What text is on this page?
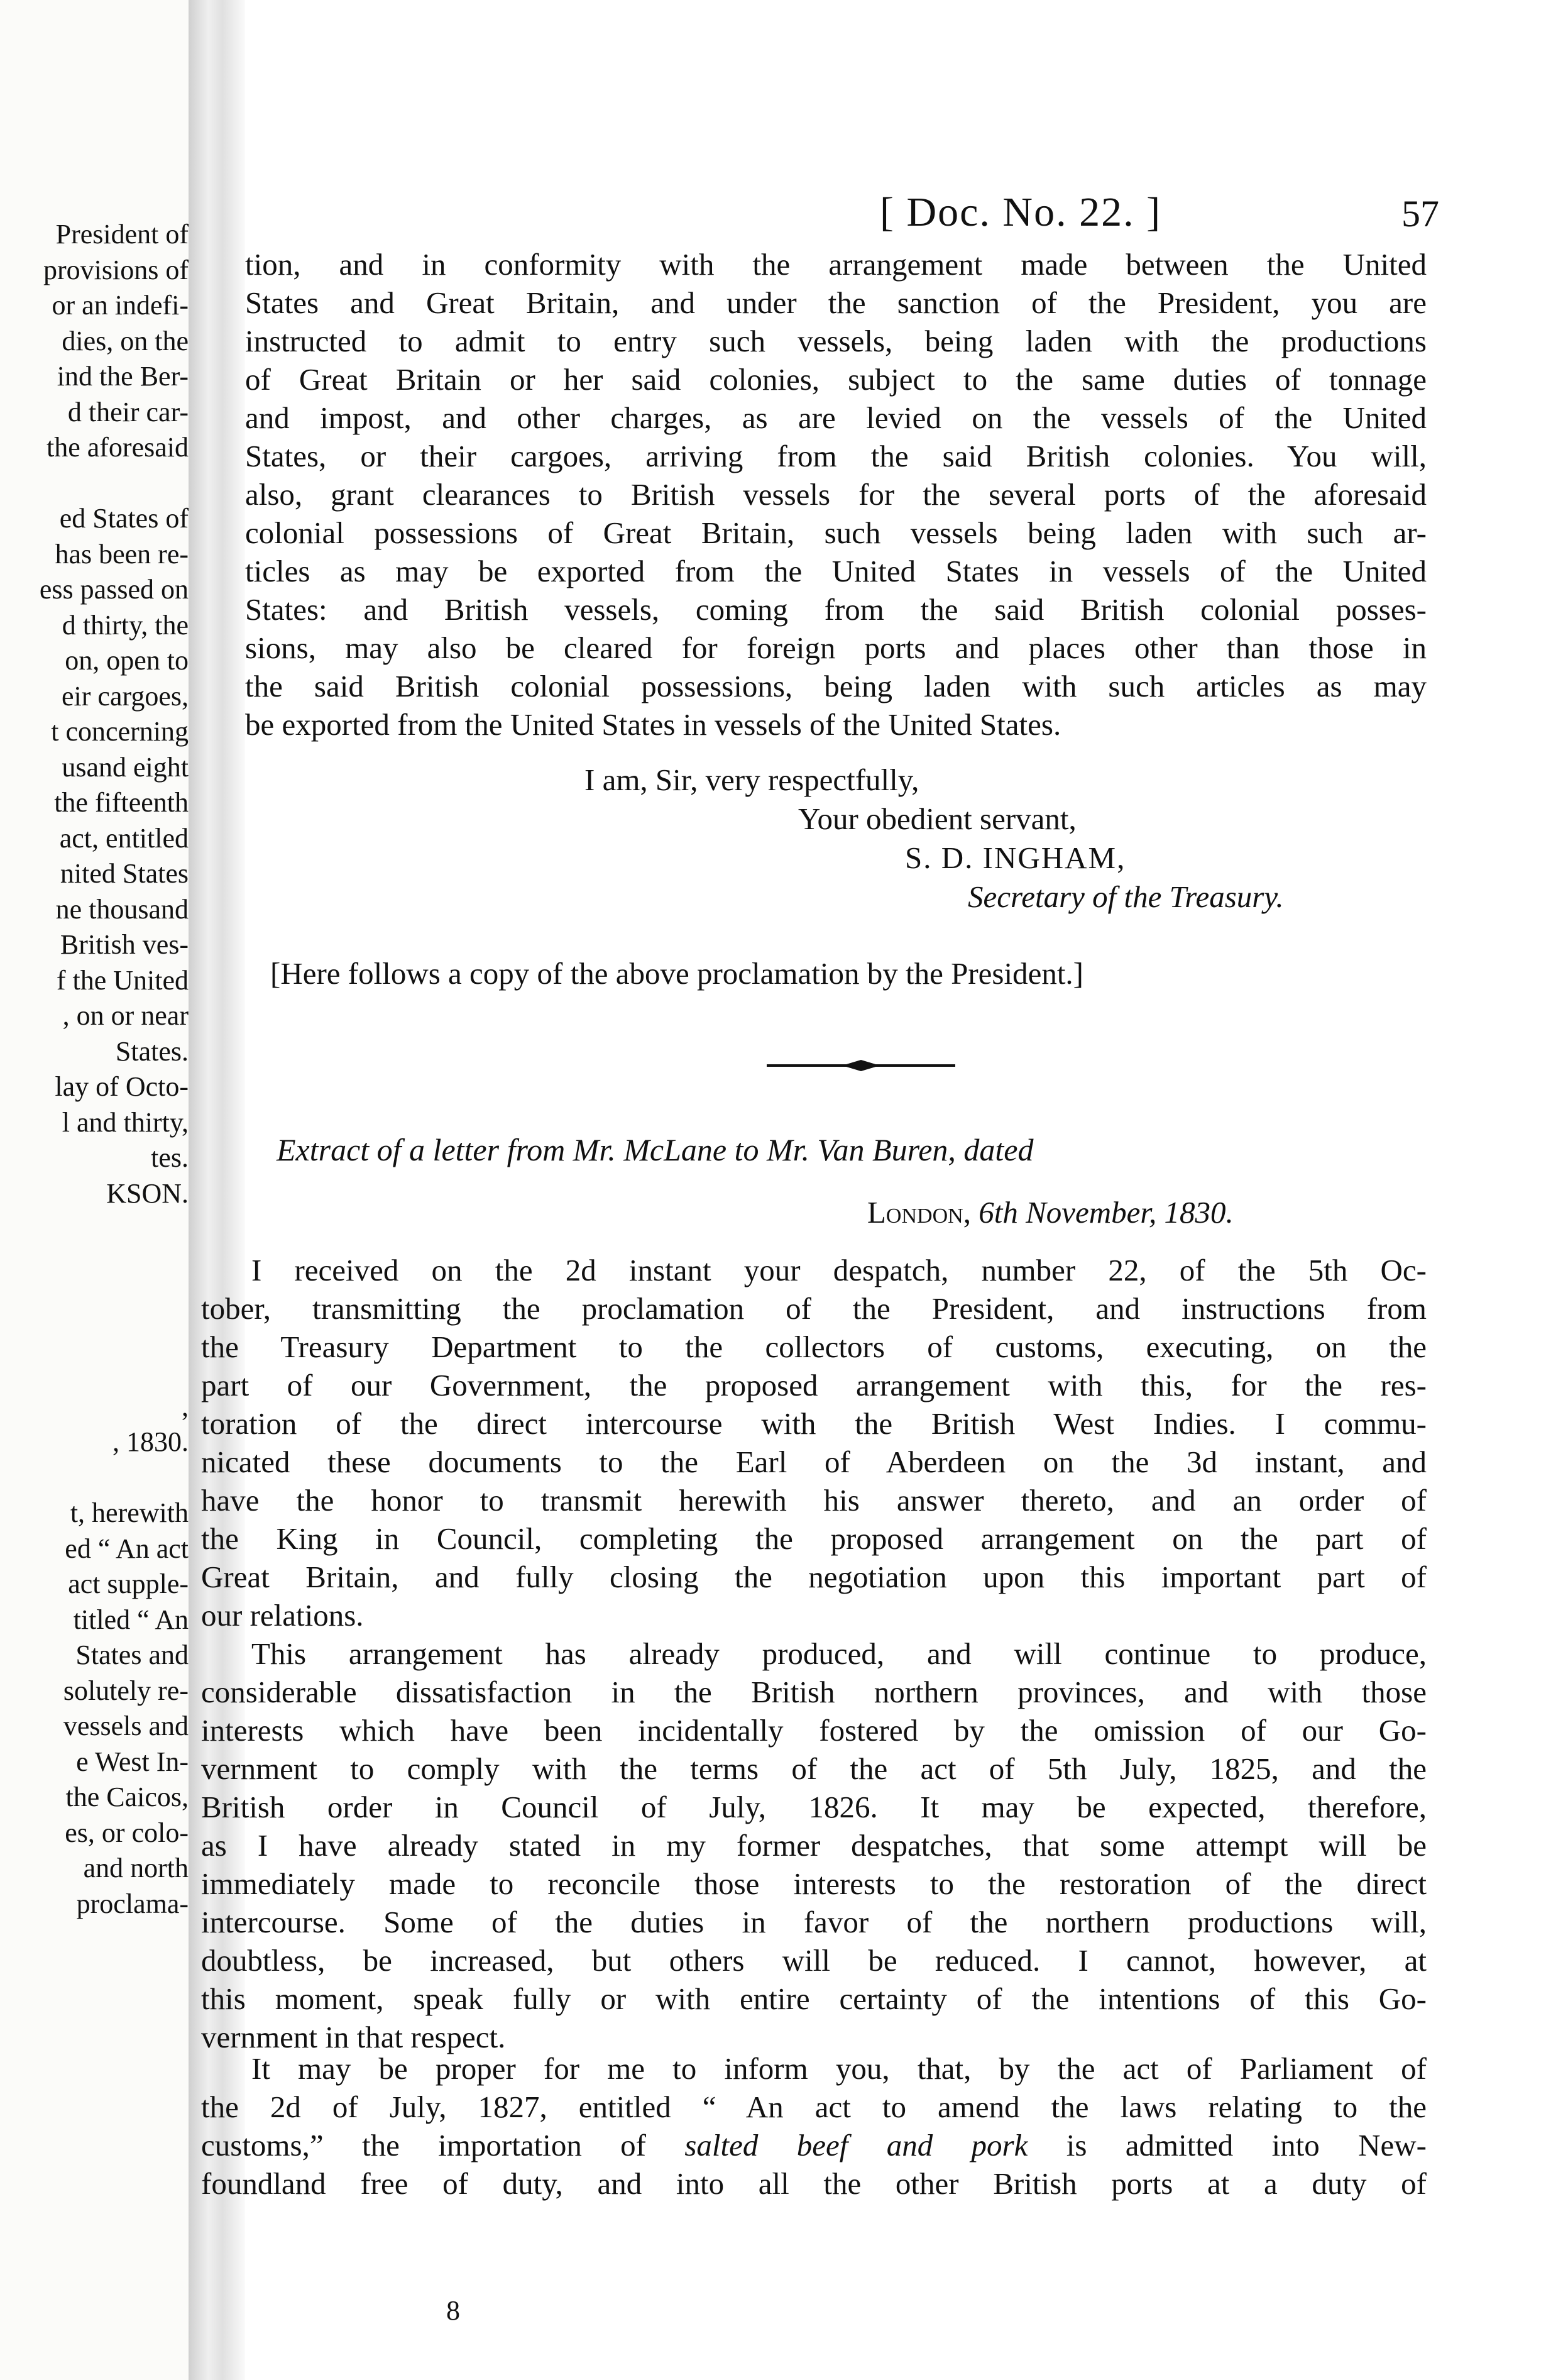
President of
provisions of
or an indefi-
dies, on the
ind the Ber-
d their car-
the aforesaid
ed States of
has been re-
ess passed on
d thirty, the
on, open to
eir cargoes,
t concerning
usand eight
the fifteenth
act, entitled
nited States
ne thousand
British ves-
f the United
, on or near
States.
lay of Octo-
l and thirty,
tes.
KSON.
,
, 1830.
t, herewith
ed “ An act
act supple-
titled “ An
States and
solutely re-
vessels and
e West In-
the Caicos,
es, or colo-
and north
proclama-
[ Doc. No. 22. ]	57
tion, and in conformity with the arrangement made between the United
States and Great Britain, and under the sanction of the President, you are
instructed to admit to entry such vessels, being laden with the productions
of Great Britain or her said colonies, subject to the same duties of tonnage
and impost, and other charges, as are levied on the vessels of the United
States, or their cargoes, arriving from the said British colonies. You will,
also, grant clearances to British vessels for the several ports of the aforesaid
colonial possessions of Great Britain, such vessels being laden with such ar-
ticles as may be exported from the United States in vessels of the United
States: and British vessels, coming from the said British colonial posses-
sions, may also be cleared for foreign ports and places other than those in
the said British colonial possessions, being laden with such articles as may
be exported from the United States in vessels of the United States.
I am, Sir, very respectfully,
Your obedient servant,
S. D. INGHAM,
Secretary of the Treasury.
[Here follows a copy of the above proclamation by the President.]
Extract of a letter from Mr. McLane to Mr. Van Buren, dated
London, 6th November, 1830.
I received on the 2d instant your despatch, number 22, of the 5th Oc-
tober, transmitting the proclamation of the President, and instructions from
the Treasury Department to the collectors of customs, executing, on the
part of our Government, the proposed arrangement with this, for the res-
toration of the direct intercourse with the British West Indies. I commu-
nicated these documents to the Earl of Aberdeen on the 3d instant, and
have the honor to transmit herewith his answer thereto, and an order of
the King in Council, completing the proposed arrangement on the part of
Great Britain, and fully closing the negotiation upon this important part of
our relations.
This arrangement has already produced, and will continue to produce,
considerable dissatisfaction in the British northern provinces, and with those
interests which have been incidentally fostered by the omission of our Go-
vernment to comply with the terms of the act of 5th July, 1825, and the
British order in Council of July, 1826. It may be expected, therefore,
as I have already stated in my former despatches, that some attempt will be
immediately made to reconcile those interests to the restoration of the direct
intercourse. Some of the duties in favor of the northern productions will,
doubtless, be increased, but others will be reduced. I cannot, however, at
this moment, speak fully or with entire certainty of the intentions of this Go-
vernment in that respect.
It may be proper for me to inform you, that, by the act of Parliament of
the 2d of July, 1827, entitled “ An act to amend the laws relating to the
customs,” the importation of salted beef and pork is admitted into New-
foundland free of duty, and into all the other British ports at a duty of
8
